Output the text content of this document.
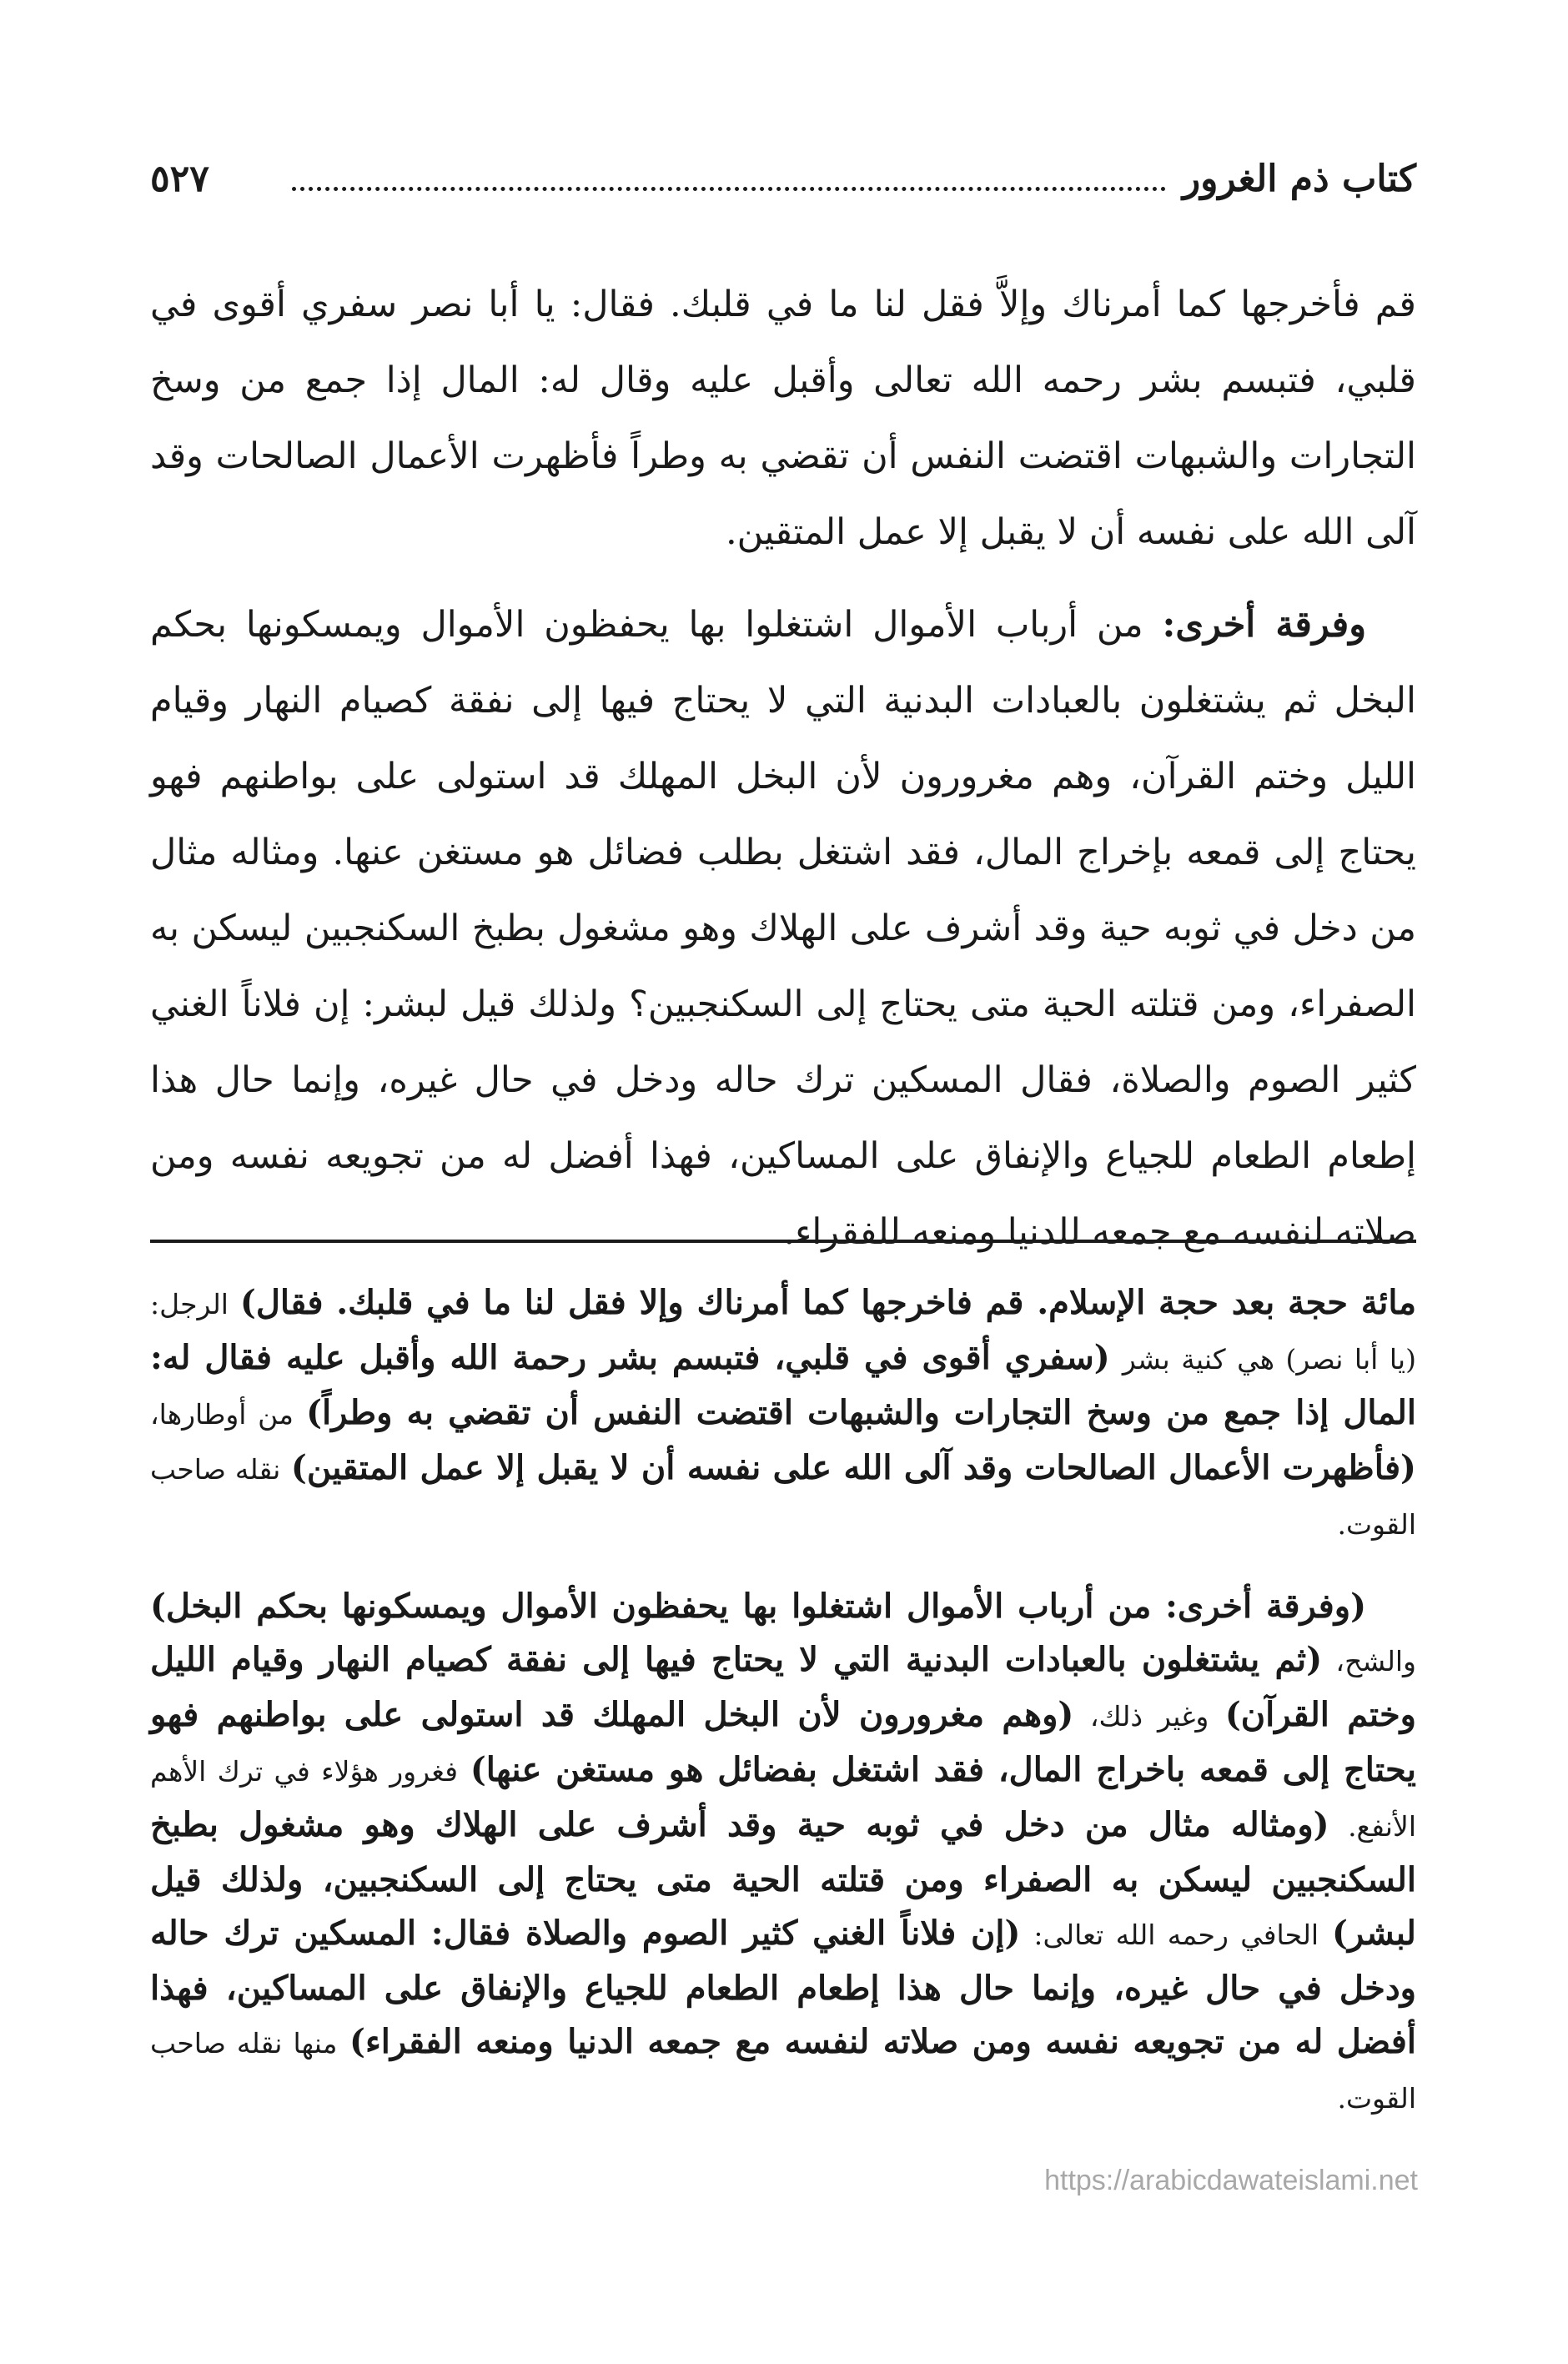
كتاب ذم الغرور
٥٢٧

قم فأخرجها كما أمرناك وإلاَّ فقل لنا ما في قلبك. فقال: يا أبا نصر سفري أقوى في قلبي، فتبسم بشر رحمه الله تعالى وأقبل عليه وقال له: المال إذا جمع من وسخ التجارات والشبهات اقتضت النفس أن تقضي به وطراً فأظهرت الأعمال الصالحات وقد آلى الله على نفسه أن لا يقبل إلا عمل المتقين.

وفرقة أخرى: من أرباب الأموال اشتغلوا بها يحفظون الأموال ويمسكونها بحكم البخل ثم يشتغلون بالعبادات البدنية التي لا يحتاج فيها إلى نفقة كصيام النهار وقيام الليل وختم القرآن، وهم مغرورون لأن البخل المهلك قد استولى على بواطنهم فهو يحتاج إلى قمعه بإخراج المال، فقد اشتغل بطلب فضائل هو مستغن عنها. ومثاله مثال من دخل في ثوبه حية وقد أشرف على الهلاك وهو مشغول بطبخ السكنجبين ليسكن به الصفراء، ومن قتلته الحية متى يحتاج إلى السكنجبين؟ ولذلك قيل لبشر: إن فلاناً الغني كثير الصوم والصلاة، فقال المسكين ترك حاله ودخل في حال غيره، وإنما حال هذا إطعام الطعام للجياع والإنفاق على المساكين، فهذا أفضل له من تجويعه نفسه ومن صلاته لنفسه مع جمعه للدنيا ومنعه للفقراء.

مائة حجة بعد حجة الإسلام. قم فاخرجها كما أمرناك وإلا فقل لنا ما في قلبك. فقال) الرجل: (يا أبا نصر) هي كنية بشر (سفري أقوى في قلبي، فتبسم بشر رحمة الله وأقبل عليه فقال له: المال إذا جمع من وسخ التجارات والشبهات اقتضت النفس أن تقضي به وطراً) من أوطارها، (فأظهرت الأعمال الصالحات وقد آلى الله على نفسه أن لا يقبل إلا عمل المتقين) نقله صاحب القوت.

(وفرقة أخرى: من أرباب الأموال اشتغلوا بها يحفظون الأموال ويمسكونها بحكم البخل) والشح، (ثم يشتغلون بالعبادات البدنية التي لا يحتاج فيها إلى نفقة كصيام النهار وقيام الليل وختم القرآن) وغير ذلك، (وهم مغرورون لأن البخل المهلك قد استولى على بواطنهم فهو يحتاج إلى قمعه باخراج المال، فقد اشتغل بفضائل هو مستغن عنها) فغرور هؤلاء في ترك الأهم الأنفع. (ومثاله مثال من دخل في ثوبه حية وقد أشرف على الهلاك وهو مشغول بطبخ السكنجبين ليسكن به الصفراء ومن قتلته الحية متى يحتاج إلى السكنجبين، ولذلك قيل لبشر) الحافي رحمه الله تعالى: (إن فلاناً الغني كثير الصوم والصلاة فقال: المسكين ترك حاله ودخل في حال غيره، وإنما حال هذا إطعام الطعام للجياع والإنفاق على المساكين، فهذا أفضل له من تجويعه نفسه ومن صلاته لنفسه مع جمعه الدنيا ومنعه الفقراء) منها نقله صاحب القوت.

https://arabicdawateislami.net
